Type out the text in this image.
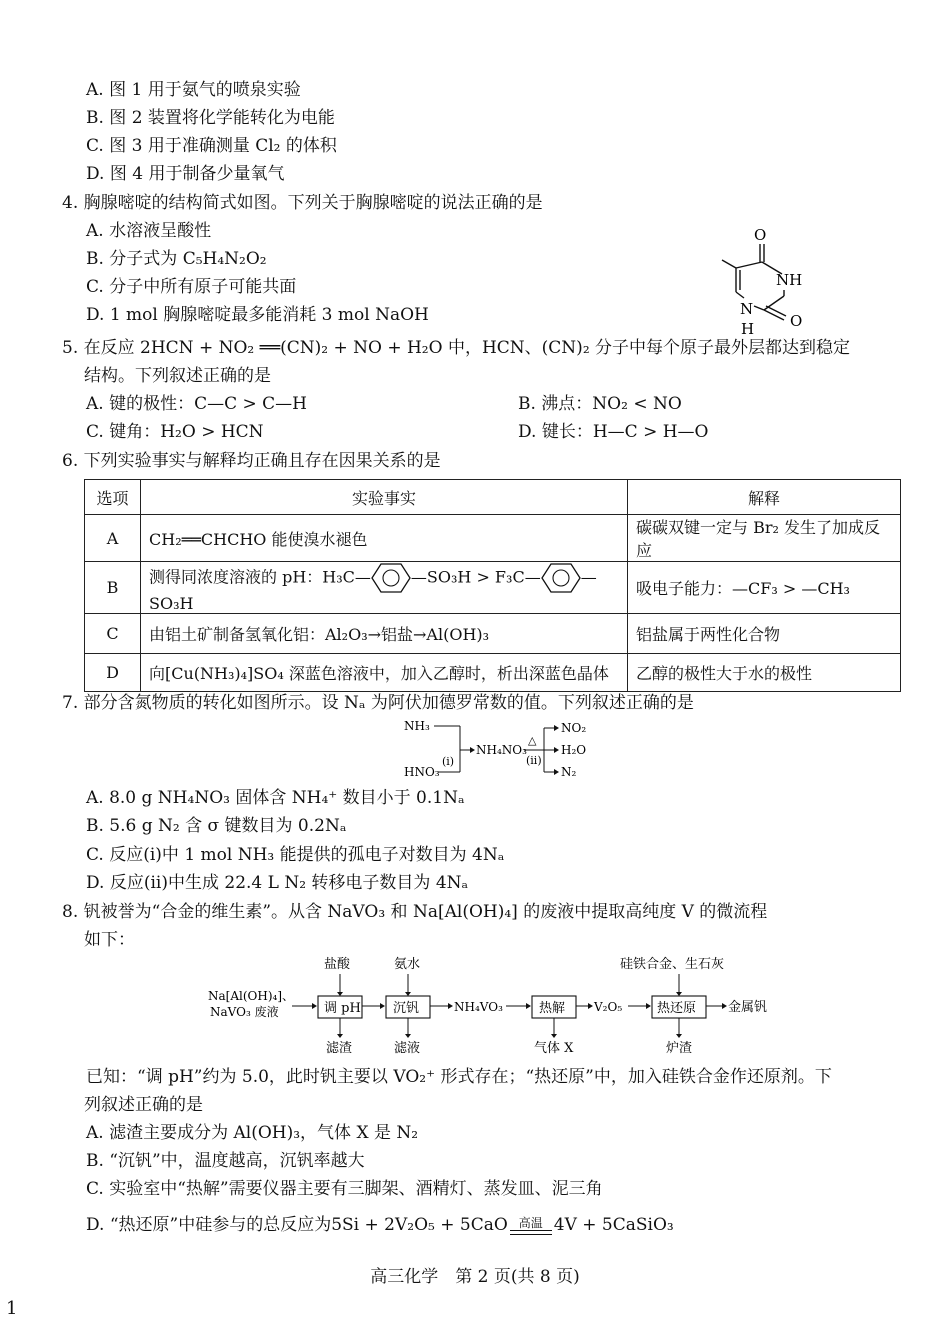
A. 图 1 用于氨气的喷泉实验
B. 图 2 装置将化学能转化为电能
C. 图 3 用于准确测量 Cl₂ 的体积
D. 图 4 用于制备少量氧气
4. 胸腺嘧啶的结构简式如图。下列关于胸腺嘧啶的说法正确的是
A. 水溶液呈酸性
B. 分子式为 C₅H₄N₂O₂
C. 分子中所有原子可能共面
D. 1 mol 胸腺嘧啶最多能消耗 3 mol NaOH
O
NH
O
N
H
5. 在反应 2HCN + NO₂ ══(CN)₂ + NO + H₂O 中，HCN、(CN)₂ 分子中每个原子最外层都达到稳定
结构。下列叙述正确的是
A. 键的极性：C—C > C—H	B. 沸点：NO₂ < NO
C. 键角：H₂O > HCN	D. 键长：H—C > H—O
6. 下列实验事实与解释均正确且存在因果关系的是
选项	实验事实	解释
A	CH₂══CHCHO 能使溴水褪色	碳碳双键一定与 Br₂ 发生了加成反应
B	测得同浓度溶液的 pH：H₃C— —SO₃H > F₃C— —SO₃H	吸电子能力：—CF₃ > —CH₃
C	由铝土矿制备氢氧化铝：Al₂O₃→铝盐→Al(OH)₃	铝盐属于两性化合物
D	向[Cu(NH₃)₄]SO₄ 深蓝色溶液中，加入乙醇时，析出深蓝色晶体	乙醇的极性大于水的极性
7. 部分含氮物质的转化如图所示。设 Nₐ 为阿伏加德罗常数的值。下列叙述正确的是
NH₃
HNO₃
(i)
NH₄NO₃
△
(ii)
NO₂
H₂O
N₂
A. 8.0 g NH₄NO₃ 固体含 NH₄⁺ 数目小于 0.1Nₐ
B. 5.6 g N₂ 含 σ 键数目为 0.2Nₐ
C. 反应(i)中 1 mol NH₃ 能提供的孤电子对数目为 4Nₐ
D. 反应(ii)中生成 22.4 L N₂ 转移电子数目为 4Nₐ
8. 钒被誉为“合金的维生素”。从含 NaVO₃ 和 Na[Al(OH)₄] 的废液中提取高纯度 V 的微流程
如下：
Na[Al(OH)₄]、
NaVO₃ 废液	调 pH
盐酸
滤渣
沉钒
氨水
滤液
NH₄VO₃	热解
气体 X
V₂O₅	热还原
硅铁合金、生石灰
炉渣
金属钒
已知：“调 pH”约为 5.0，此时钒主要以 VO₂⁺ 形式存在；“热还原”中，加入硅铁合金作还原剂。下
列叙述正确的是
A. 滤渣主要成分为 Al(OH)₃，气体 X 是 N₂
B. “沉钒”中，温度越高，沉钒率越大
C. 实验室中“热解”需要仪器主要有三脚架、酒精灯、蒸发皿、泥三角
D. “热还原”中硅参与的总反应为5Si + 2V₂O₅ + 5CaO 高温 4V + 5CaSiO₃
高三化学　第 2 页(共 8 页)
1
